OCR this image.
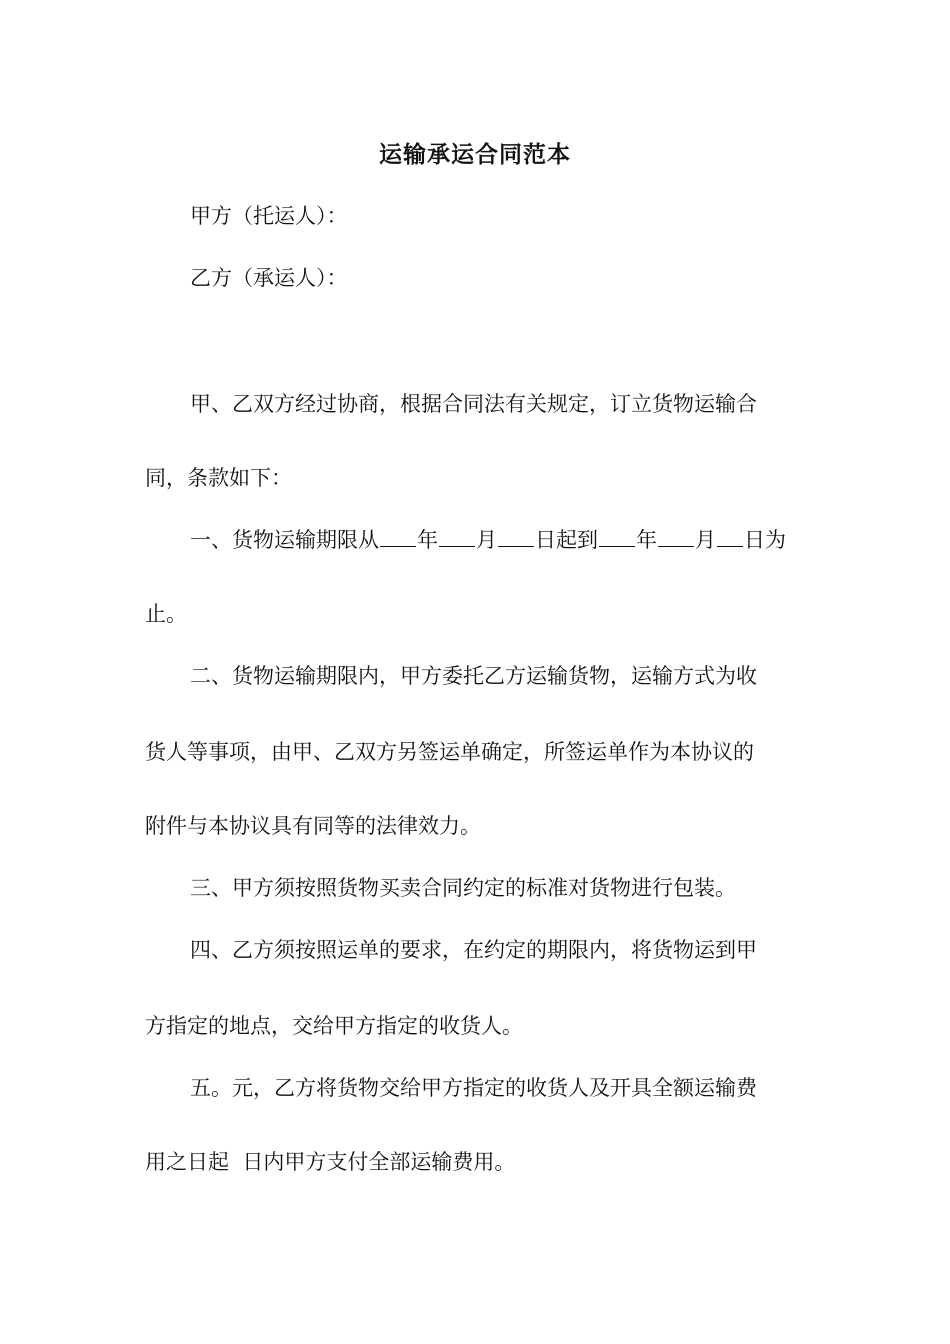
运输承运合同范本
甲方（托运人）：
乙方（承运人）：
甲、乙双方经过协商，根据合同法有关规定，订立货物运输合
同，条款如下：
一、货物运输期限从 年 月 日起到 年 月 日为
止。
二、货物运输期限内，甲方委托乙方运输货物，运输方式为收
货人等事项，由甲、乙双方另签运单确定，所签运单作为本协议的
附件与本协议具有同等的法律效力。
三、甲方须按照货物买卖合同约定的标准对货物进行包装。
四、乙方须按照运单的要求，在约定的期限内，将货物运到甲
方指定的地点，交给甲方指定的收货人。
五。元，乙方将货物交给甲方指定的收货人及开具全额运输费
用之日起  日内甲方支付全部运输费用。
